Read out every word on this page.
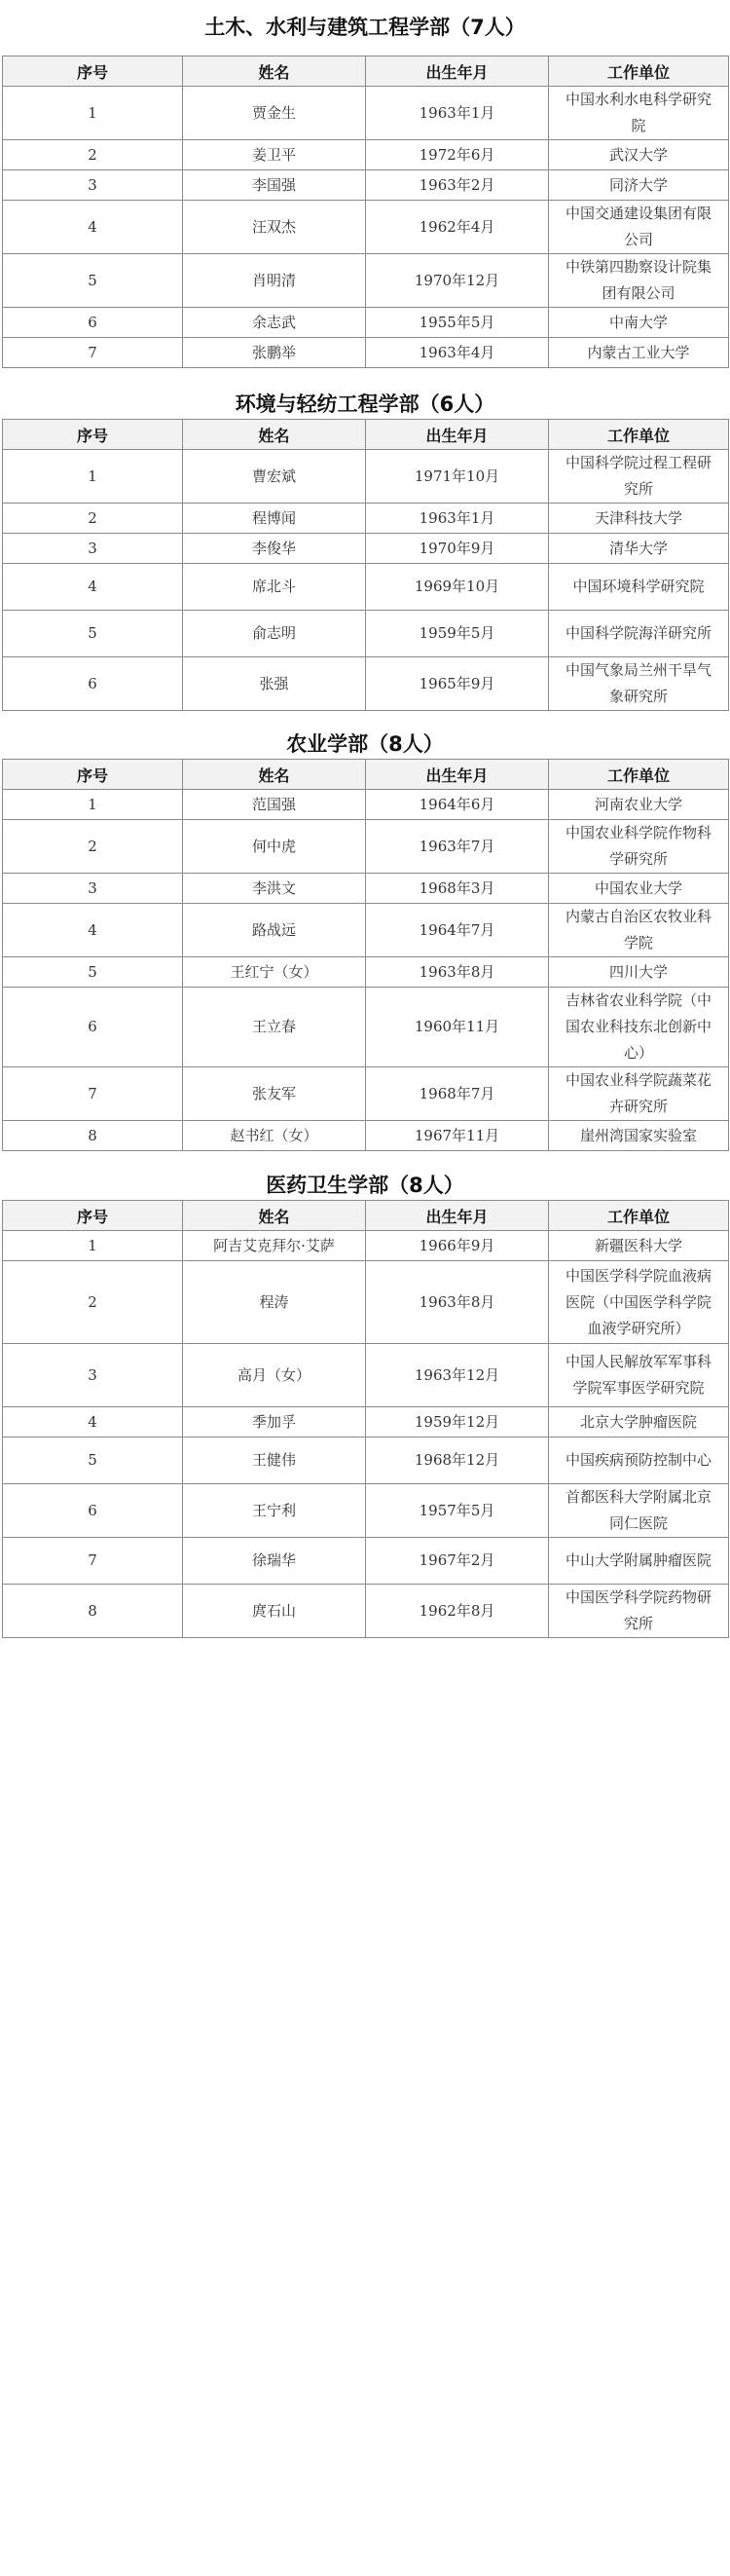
土木、水利与建筑工程学部（7人）
序号	姓名	出生年月	工作单位
1	贾金生	1963年1月	中国水利水电科学研究院
2	姜卫平	1972年6月	武汉大学
3	李国强	1963年2月	同济大学
4	汪双杰	1962年4月	中国交通建设集团有限公司
5	肖明清	1970年12月	中铁第四勘察设计院集团有限公司
6	余志武	1955年5月	中南大学
7	张鹏举	1963年4月	内蒙古工业大学
环境与轻纺工程学部（6人）
序号	姓名	出生年月	工作单位
1	曹宏斌	1971年10月	中国科学院过程工程研究所
2	程博闻	1963年1月	天津科技大学
3	李俊华	1970年9月	清华大学
4	席北斗	1969年10月	中国环境科学研究院
5	俞志明	1959年5月	中国科学院海洋研究所
6	张强	1965年9月	中国气象局兰州干旱气象研究所
农业学部（8人）
序号	姓名	出生年月	工作单位
1	范国强	1964年6月	河南农业大学
2	何中虎	1963年7月	中国农业科学院作物科学研究所
3	李洪文	1968年3月	中国农业大学
4	路战远	1964年7月	内蒙古自治区农牧业科学院
5	王红宁（女）	1963年8月	四川大学
6	王立春	1960年11月	吉林省农业科学院（中国农业科技东北创新中心）
7	张友军	1968年7月	中国农业科学院蔬菜花卉研究所
8	赵书红（女）	1967年11月	崖州湾国家实验室
医药卫生学部（8人）
序号	姓名	出生年月	工作单位
1	阿吉艾克拜尔·艾萨	1966年9月	新疆医科大学
2	程涛	1963年8月	中国医学科学院血液病医院（中国医学科学院血液学研究所）
3	高月（女）	1963年12月	中国人民解放军军事科学院军事医学研究院
4	季加孚	1959年12月	北京大学肿瘤医院
5	王健伟	1968年12月	中国疾病预防控制中心
6	王宁利	1957年5月	首都医科大学附属北京同仁医院
7	徐瑞华	1967年2月	中山大学附属肿瘤医院
8	庹石山	1962年8月	中国医学科学院药物研究所
